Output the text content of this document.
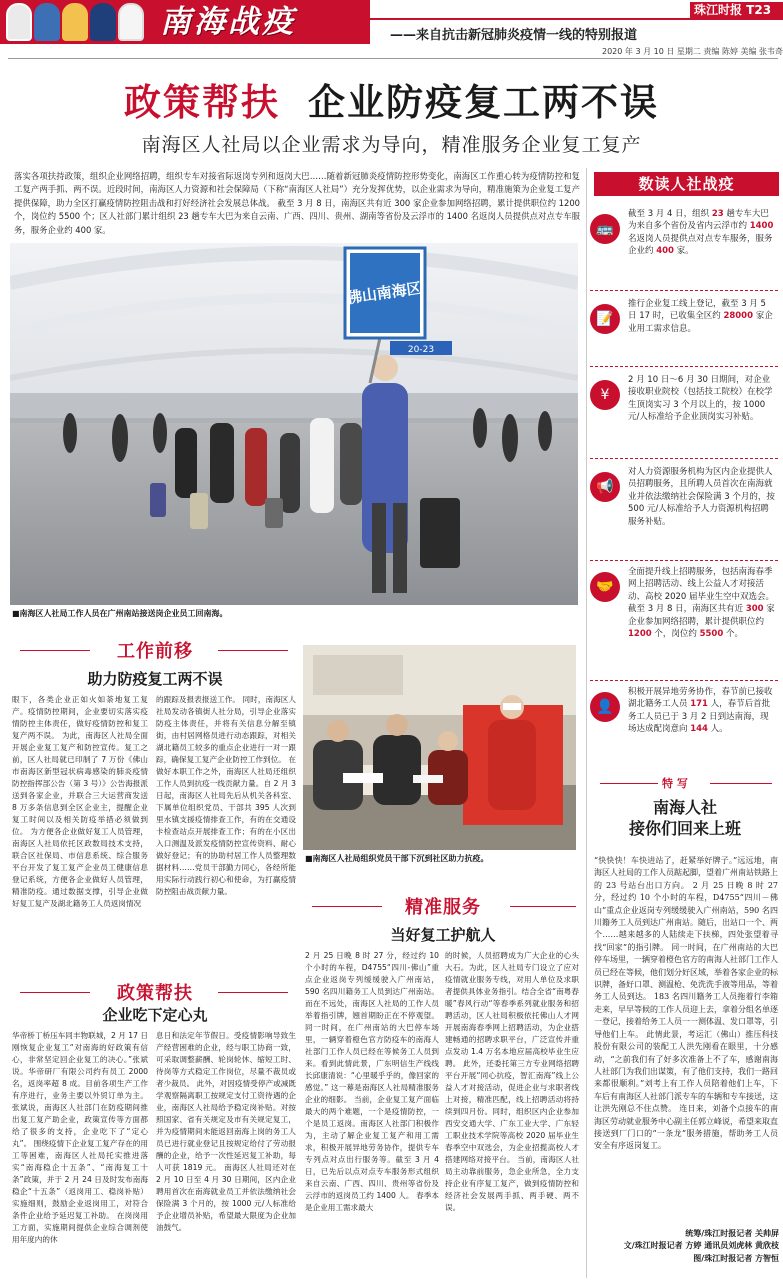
南海战疫	——来自抗击新冠肺炎疫情一线的特别报道
珠江时报 T23
2020 年 3 月 10 日 星期二 责编 陈婷 美编 张韦奇
政策帮扶 企业防疫复工两不误
南海区人社局以企业需求为导向，精准服务企业复工复产
落实各项扶持政策，组织企业网络招聘，组织专车对接省际返岗专列和返岗大巴……随着新冠肺炎疫情防控形势变化，南海区工作重心转为疫情防控和复工复产两手抓、两不误。近段时间，南海区人力资源和社会保障局（下称“南海区人社局”）充分发挥优势，以企业需求为导向，精准施策为企业复工复产提供保障，助力全区打赢疫情防控阻击战和打好经济社会发展总体战。 截至 3 月 8 日，南海区共有近 300 家企业参加网络招聘，累计提供职位约 1200 个，岗位约 5500 个；区人社部门累计组织 23 趟专车大巴为来自云南、广西、四川、贵州、湖南等省份及云浮市的 1400 名返岗人员提供点对点专车服务，服务企业约 400 家。
20-23
佛山南海区
■南海区人社局工作人员在广州南站接送岗企业员工回南海。
工作前移
助力防疫复工两不误
眼下，各类企业正如火如荼地复工复产。疫情防控期间，企业要切实落实疫情防控主体责任，做好疫情防控和复工复产两不误。 为此，南海区人社局全面开展企业复工复产和防控宣传。复工之前，区人社局就已印制了 7 万份《佛山市南海区新型冠状病毒感染的肺炎疫情防控指挥部公告（第 3 号）》公告海报派送到各家企业，并联合三大运营商发送 8 万多条信息到全区企业主，提醒企业复工时间以及相关防疫举措必须做到位。 为方便各企业做好复工人员管理，南海区人社局依托区政数局技术支持，联合区社保局、市信息系统、综合服务平台开发了复工复产企业员工健康信息登记系统，方便各企业做好人员管理，精准防疫。通过数据支撑，引导企业做好复工复产及湖北籍务工人员返岗情况
的跟踪及报表报送工作。 同时，南海区人社局发动各镇街人社分局，引导企业落实防疫主体责任，并将有关信息分解至镇街，由村居网格员进行动态跟踪，对相关湖北籍员工较多的重点企业进行一对一跟踪，确保复工复产企业防控工作到位。 在做好本职工作之外，南海区人社局还组织工作人员到抗疫一线贡献力量。自 2 月 3 日起，南海区人社局先后从机关各科室、下属单位组织党员、干部共 395 人次到里水镇支援疫情排查工作，有的在交通设卡检查站点开展排查工作；有的在小区出入口测温及派发疫情防控宣传资料、耐心做好登记；有的协助村居工作人员整理数据材料……党员干部勤力同心，各经所能用实际行动践行初心和使命，为打赢疫情防控阻击战贡献力量。
■南海区人社局组织党员干部下沉到社区助力抗疫。
政策帮扶
企业吃下定心丸
华帝桥丁桥压车同丰物联城，2 月 17 日刚恢复企业复工“对南海的好政策有信心，非常坚定回企业复工的决心。”张斌说。华帝研厂有限公司约有员工 2000 名，返岗率超 8 成。目前各项生产工作有序进行，业务主要以外贸订单为主。张斌说，南海区人社部门在防疫期间推出复工复产助企业，政策宣传等方面都给了很多的支持，企业吃下了“定心丸”。 围绕疫情下企业复工复产存在的用工等困难，南海区人社局托实推进落实“南海稳企十五条”、“南海复工十条”政策，并于 2 月 24 日及时发布南海稳企“十五条”（返岗用工、稳岗补贴）实施细则，鼓励企业返岗用工，对符合条件企业给予延迟复工补助。 在岗岗用工方面，实施期间提供企业综合调剂使用年度内的休
息日和法定年节假日。受疫情影响导致生产经营困难的企业，经与职工协商一致，可采取调整薪酬、轮岗轮休、缩短工时、待岗等方式稳定工作岗位，尽量不裁员或者少裁员。 此外，对因疫情受停产或减既学观察隔离职工按规定支付工资待遇的企业，南海区人社局给予稳定岗补贴。对按照国家、省有关规定及市有关规定复工，并为疫情期间未能返回南海上岗的务工人员已进行就业登记且按规定给付了劳动报酬的企业，给予一次性延迟复工补助，每人可获 1819 元。 南海区人社局还对在 2 月 10 日至 4 月 30 日期间，区内企业聘用首次在南海就业员工并依法缴纳社会保险满 3 个月的，按 1000 元/人标准给予企业增员补贴，希望最大限度为企业加油鼓气。
精准服务
当好复工护航人
2 月 25 日晚 8 时 27 分，经过约 10 个小时的车程，D4755“四川-佛山”重点企业返岗专列缓缓驶入广州南站，590 名四川籍务工人员到达广州南站。而在不远处，南海区人社局的工作人员举着指引牌，翘首期盼正在不停观望。同一时间，在广州南站的大巴停车场里，一辆穿着橙色官方防疫车的南海人社部门工作人员已经在等候务工人员到来。看到此情此景，广东明信生产线线长邱康清说：“心里暖乎乎的，像回家的感觉。” 这一幕是南海区人社局精准服务企业的细影。 当前，企业复工复产面临最大的两个难题，一个是疫情防控，一个是员工返岗。南海区人社部门积极作为，主动了解企业复工复产和用工需求，积极开展异地劳务协作，提供专车专列点对点出行服务等。截至 3 月 4 日，已先后以点对点专车服务形式组织来自云南、广西、四川、贵州等省份及云浮市的返岗员工约 1400 人。 春季本是企业用工需求最大
的时候，人员招聘成为广大企业的心头大石。为此，区人社局专门设立了应对疫情就业服务专线，对用人单位及求职者提供具体业务指引。结合全省“南粤春暖”春风行动“等春季系列就业服务和招聘活动，区人社局积极依托佛山人才网开展南海春季网上招聘活动，为企业搭建畅通的招聘求职平台，广泛宣传并重点发动 1.4 万名本地应届高校毕业生应聘。 此外，还委托第三方专业网络招聘平台开展“同心抗疫，智汇南海”线上公益人才对接活动，促进企业与求职者线上对接，精准匹配，线上招聘活动将持续到四月份。同时，组织区内企业参加西安交通大学、广东工业大学、广东轻工职业技术学院等高校 2020 届毕业生春季空中双选会，为企业招揽高校人才搭建网络对接平台。 当前，南海区人社局主动靠前服务，急企业所急，全力支持企业有序复工复产，做到疫情防控和经济社会发展两手抓、两手硬、两不误。
数读人社战疫
🚌
截至 3 月 4 日，组织 23 趟专车大巴为来自多个省份及省内云浮市约 1400 名返岗人员提供点对点专车服务，服务企业约 400 家。
📝
推行企业复工线上登记，截至 3 月 5 日 17 时，已收集全区约 28000 家企业用工需求信息。
¥
2 月 10 日～6 月 30 日期间，对企业接收职业院校（包括技工院校）在校学生顶岗实习 3 个月以上的，按 1000 元/人标准给予企业顶岗实习补贴。
📢
对人力资源服务机构为区内企业提供人员招聘服务，且所聘人员首次在南海就业并依法缴纳社会保险满 3 个月的，按 500 元/人标准给予人力资源机构招聘服务补贴。
🤝
全面提升线上招聘服务，包括南海春季网上招聘活动、线上公益人才对接活动、高校 2020 届毕业生空中双选会。截至 3 月 8 日，南海区共有近 300 家企业参加网络招聘，累计提供职位约 1200 个，岗位约 5500 个。
👤
积极开展异地劳务协作，春节前已接收湖北籍务工人员 171 人，春节后首批务工人员已于 3 月 2 日到达南海，现场达成配岗意向 144 人。
特 写
南海人社
接你们回来上班
“快快快！车快进站了，赶紧举好牌子。”远远地，南海区人社局的工作人员踮起脚，望着广州南站铁路上的 23 号站台出口方向。 2 月 25 日晚 8 时 27 分，经过约 10 个小时的车程，D4755“四川－佛山”重点企业返岗专列缓缓驶入广州南站，590 名四川籍务工人员到达广州南站。随后，出站口一个、两个……越来越多的人陆续走下扶梯，四处张望着寻找“回家”的指引牌。 同一时间，在广州南站的大巴停车场里，一辆穿着橙色官方的南海人社部门工作人员已经在等候，他们划分好区域，举着各家企业的标识牌，备好口罩、测温枪、免洗洗手液等用品，等着务工人员到达。 183 名四川籍务工人员拖着行李箱走来，早早等候的工作人员迎上去，拿着分组名单逐一登记，接着给务工人员一一测体温、发口罩等，引导他们上车。 此情此景，考运汇（佛山）推压科技股份有限公司的装配工人洪先刚看在眼里，十分感动，“之前我们有了好多次准备上不了车，感谢南海人社部门为我们出谋策，有了他们支持，我们一路回来都很顺利。”刘考上有工作人员陪着他们上车，下车后有南海区人社部门派专车的车辆和专车接送，这让洪先刚总不住点赞。 连日来，刘备个点接车的南海区劳动就业服务中心副主任郭立峰说，希望来取直接送到厂门口的“一条龙”服务措施，帮助务工人员安全有序返岗复工。
统筹/珠江时报记者 关帅屏
文/珠江时报记者 方婷 通讯员刘虎林 黄欣枝
图/珠江时报记者 方智恒
